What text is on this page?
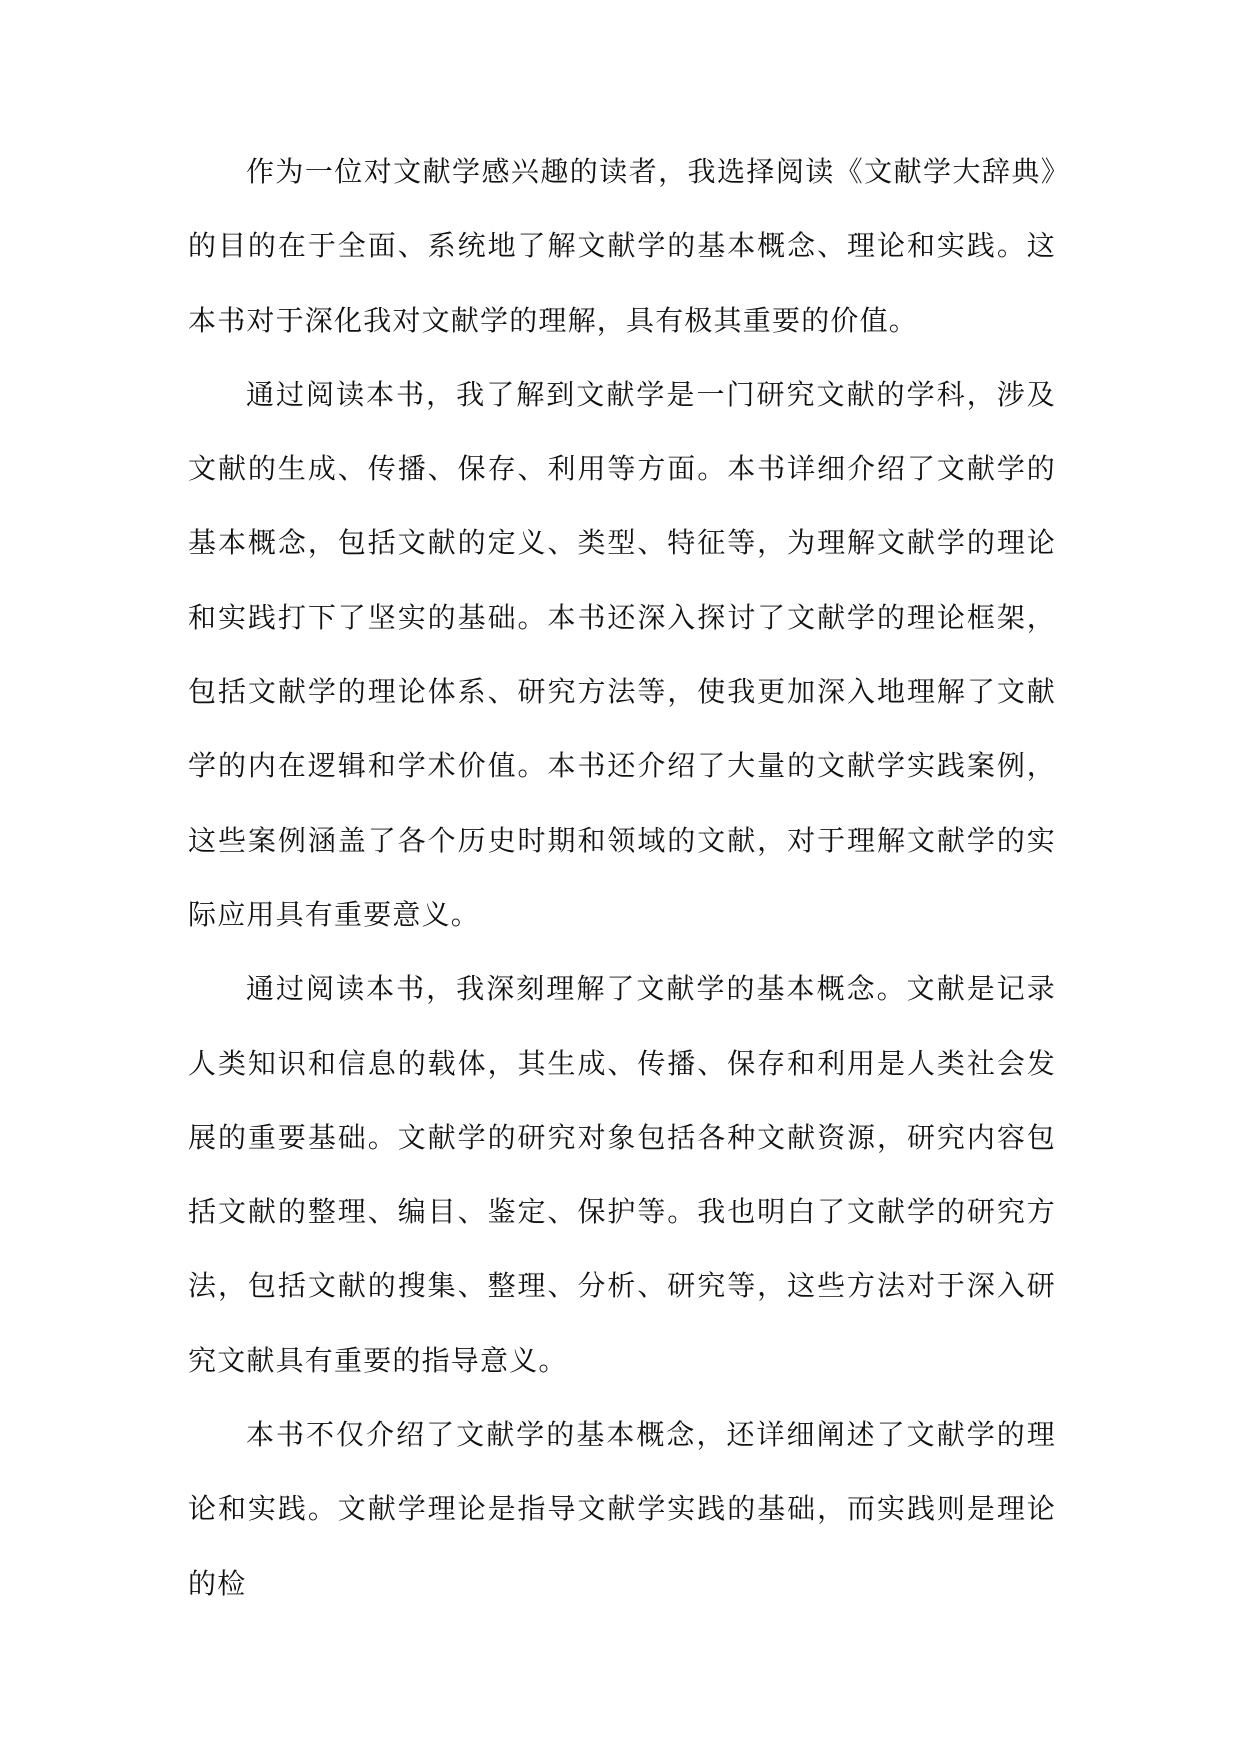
作为一位对文献学感兴趣的读者，我选择阅读《文献学大辞典》的目的在于全面、系统地了解文献学的基本概念、理论和实践。这本书对于深化我对文献学的理解，具有极其重要的价值。

通过阅读本书，我了解到文献学是一门研究文献的学科，涉及文献的生成、传播、保存、利用等方面。本书详细介绍了文献学的基本概念，包括文献的定义、类型、特征等，为理解文献学的理论和实践打下了坚实的基础。本书还深入探讨了文献学的理论框架，包括文献学的理论体系、研究方法等，使我更加深入地理解了文献学的内在逻辑和学术价值。本书还介绍了大量的文献学实践案例，这些案例涵盖了各个历史时期和领域的文献，对于理解文献学的实际应用具有重要意义。

通过阅读本书，我深刻理解了文献学的基本概念。文献是记录人类知识和信息的载体，其生成、传播、保存和利用是人类社会发展的重要基础。文献学的研究对象包括各种文献资源，研究内容包括文献的整理、编目、鉴定、保护等。我也明白了文献学的研究方法，包括文献的搜集、整理、分析、研究等，这些方法对于深入研究文献具有重要的指导意义。

本书不仅介绍了文献学的基本概念，还详细阐述了文献学的理论和实践。文献学理论是指导文献学实践的基础，而实践则是理论的检
